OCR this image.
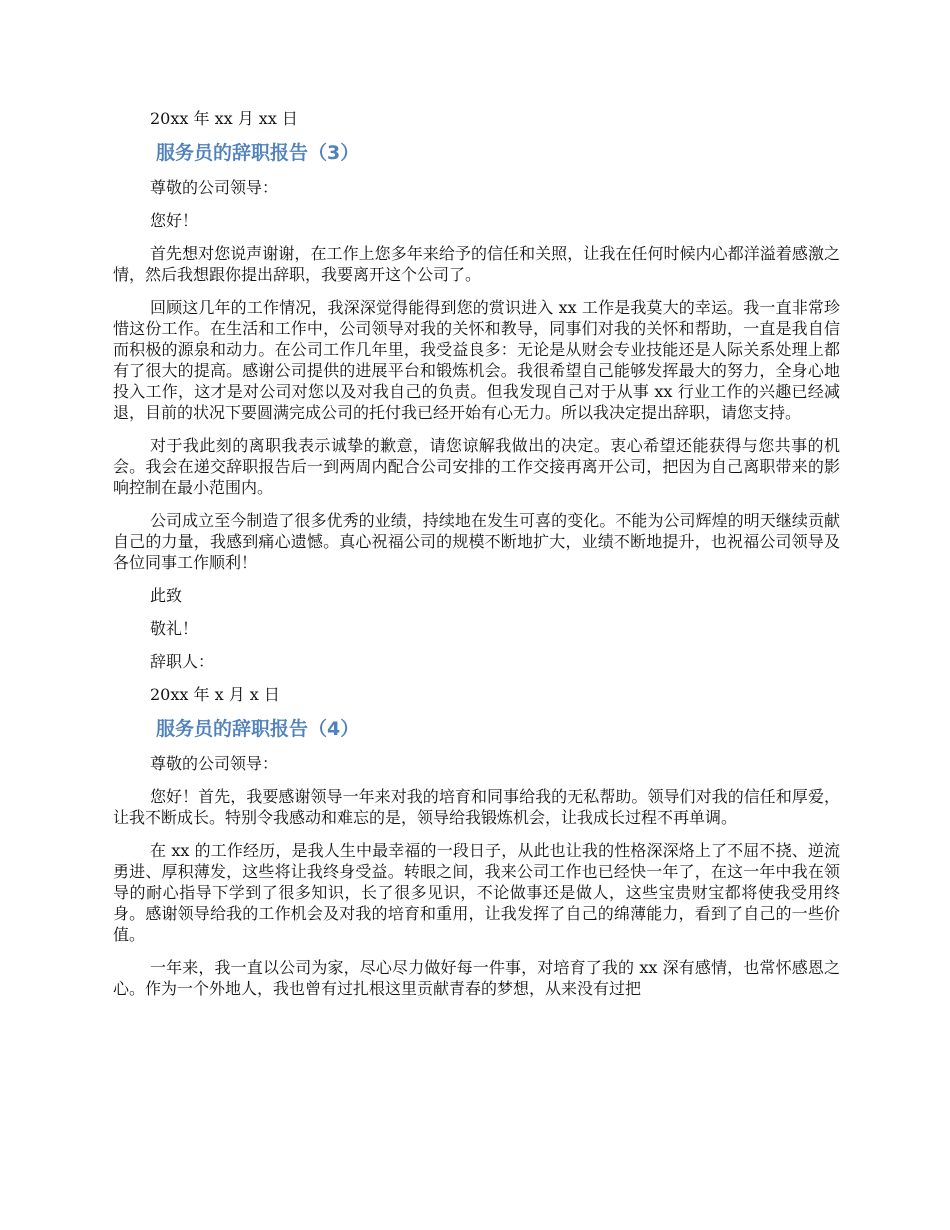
20xx 年 xx 月 xx 日
服务员的辞职报告（3）
尊敬的公司领导：
您好！
首先想对您说声谢谢，在工作上您多年来给予的信任和关照，让我在任何时候内心都洋溢着感激之情，然后我想跟你提出辞职，我要离开这个公司了。
回顾这几年的工作情况，我深深觉得能得到您的赏识进入 xx 工作是我莫大的幸运。我一直非常珍惜这份工作。在生活和工作中，公司领导对我的关怀和教导，同事们对我的关怀和帮助，一直是我自信而积极的源泉和动力。在公司工作几年里，我受益良多：无论是从财会专业技能还是人际关系处理上都有了很大的提高。感谢公司提供的进展平台和锻炼机会。我很希望自己能够发挥最大的努力，全身心地投入工作，这才是对公司对您以及对我自己的负责。但我发现自己对于从事 xx 行业工作的兴趣已经减退，目前的状况下要圆满完成公司的托付我已经开始有心无力。所以我决定提出辞职，请您支持。
对于我此刻的离职我表示诚挚的歉意，请您谅解我做出的决定。衷心希望还能获得与您共事的机会。我会在递交辞职报告后一到两周内配合公司安排的工作交接再离开公司，把因为自己离职带来的影响控制在最小范围内。
公司成立至今制造了很多优秀的业绩，持续地在发生可喜的变化。不能为公司辉煌的明天继续贡献自己的力量，我感到痛心遗憾。真心祝福公司的规模不断地扩大，业绩不断地提升，也祝福公司领导及各位同事工作顺利！
此致
敬礼！
辞职人：
20xx 年 x 月 x 日
服务员的辞职报告（4）
尊敬的公司领导：
您好！首先，我要感谢领导一年来对我的培育和同事给我的无私帮助。领导们对我的信任和厚爱，让我不断成长。特别令我感动和难忘的是，领导给我锻炼机会，让我成长过程不再单调。
在 xx 的工作经历，是我人生中最幸福的一段日子，从此也让我的性格深深烙上了不屈不挠、逆流勇进、厚积薄发，这些将让我终身受益。转眼之间，我来公司工作也已经快一年了，在这一年中我在领导的耐心指导下学到了很多知识，长了很多见识，不论做事还是做人，这些宝贵财宝都将使我受用终身。感谢领导给我的工作机会及对我的培育和重用，让我发挥了自己的绵薄能力，看到了自己的一些价值。
一年来，我一直以公司为家，尽心尽力做好每一件事，对培育了我的 xx 深有感情，也常怀感恩之心。作为一个外地人，我也曾有过扎根这里贡献青春的梦想，从来没有过把
